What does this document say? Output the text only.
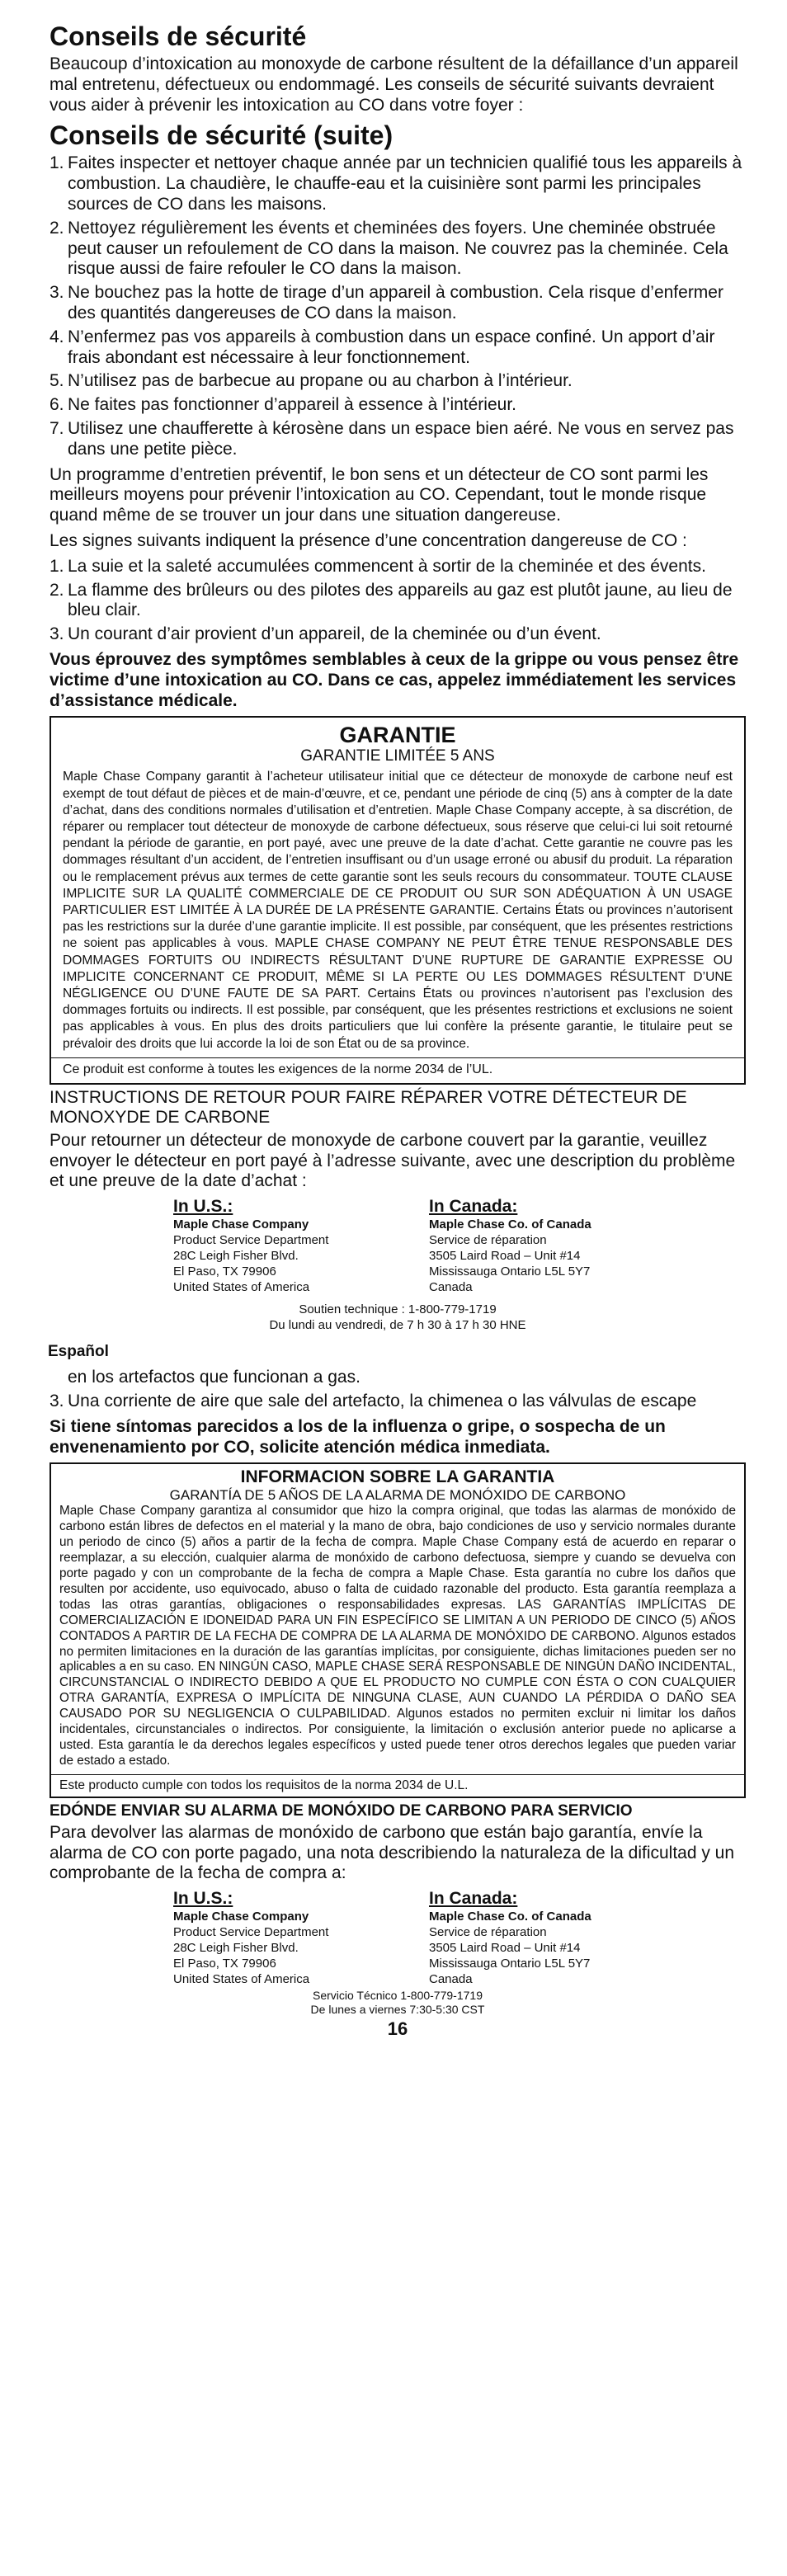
Conseils de sécurité

Beaucoup d’intoxication au monoxyde de carbone résultent de la défaillance d’un appareil mal entretenu, défectueux ou endommagé. Les conseils de sécurité suivants devraient vous aider à prévenir les intoxication au CO dans votre foyer :

Conseils de sécurité (suite)
1. Faites inspecter et nettoyer chaque année par un technicien qualifié tous les appareils à combustion. La chaudière, le chauffe-eau et la cuisinière sont parmi les principales sources de CO dans les maisons.
2. Nettoyez régulièrement les évents et cheminées des foyers. Une cheminée obstruée peut causer un refoulement de CO dans la maison. Ne couvrez pas la cheminée. Cela risque aussi de faire refouler le CO dans la maison.
3. Ne bouchez pas la hotte de tirage d’un appareil à combustion. Cela risque d’enfermer des quantités dangereuses de CO dans la maison.
4. N’enfermez pas vos appareils à combustion dans un espace confiné. Un apport d’air frais abondant est nécessaire à leur fonctionnement.
5. N’utilisez pas de barbecue au propane ou au charbon à l’intérieur.
6. Ne faites pas fonctionner d’appareil à essence à l’intérieur.
7. Utilisez une chaufferette à kérosène dans un espace bien aéré. Ne vous en servez pas dans une petite pièce.

Un programme d’entretien préventif, le bon sens et un détecteur de CO sont parmi les meilleurs moyens pour prévenir l’intoxication au CO. Cependant, tout le monde risque quand même de se trouver un jour dans une situation dangereuse.

Les signes suivants indiquent la présence d’une concentration dangereuse de CO :

1. La suie et la saleté accumulées commencent à sortir de la cheminée et des évents.
2. La flamme des brûleurs ou des pilotes des appareils au gaz est plutôt jaune, au lieu de bleu clair.
3. Un courant d’air provient d’un appareil, de la cheminée ou d’un évent.

Vous éprouvez des symptômes semblables à ceux de la grippe ou vous pensez être victime d’une intoxication au CO. Dans ce cas, appelez immédiatement les services d’assistance médicale.

GARANTIE

GARANTIE LIMITÉE 5 ANS

Maple Chase Company garantit à l’acheteur utilisateur initial que ce détecteur de monoxyde de carbone neuf est exempt de tout défaut de pièces et de main-d’œuvre, et ce, pendant une période de cinq (5) ans à compter de la date d’achat, dans des conditions normales d’utilisation et d’entretien. Maple Chase Company accepte, à sa discrétion, de réparer ou remplacer tout détecteur de monoxyde de carbone défectueux, sous réserve que celui-ci lui soit retourné pendant la période de garantie, en port payé, avec une preuve de la date d’achat. Cette garantie ne couvre pas les dommages résultant d’un accident, de l’entretien insuffisant ou d’un usage erroné ou abusif du produit. La réparation ou le remplacement prévus aux termes de cette garantie sont les seuls recours du consommateur. TOUTE CLAUSE IMPLICITE SUR LA QUALITÉ COMMERCIALE DE CE PRODUIT OU SUR SON ADÉQUATION À UN USAGE PARTICULIER EST LIMITÉE À LA DURÉE DE LA PRÉSENTE GARANTIE. Certains États ou provinces n’autorisent pas les restrictions sur la durée d’une garantie implicite. Il est possible, par conséquent, que les présentes restrictions ne soient pas applicables à vous. MAPLE CHASE COMPANY NE PEUT ÊTRE TENUE RESPONSABLE DES DOMMAGES FORTUITS OU INDIRECTS RÉSULTANT D’UNE RUPTURE DE GARANTIE EXPRESSE OU IMPLICITE CONCERNANT CE PRODUIT, MÊME SI LA PERTE OU LES DOMMAGES RÉSULTENT D’UNE NÉGLIGENCE OU D’UNE FAUTE DE SA PART. Certains États ou provinces n’autorisent pas l’exclusion des dommages fortuits ou indirects. Il est possible, par conséquent, que les présentes restrictions et exclusions ne soient pas applicables à vous. En plus des droits particuliers que lui confère la présente garantie, le titulaire peut se prévaloir des droits que lui accorde la loi de son État ou de sa province.

Ce produit est conforme à toutes les exigences de la norme 2034 de l’UL.

INSTRUCTIONS DE RETOUR POUR FAIRE RÉPARER VOTRE DÉTECTEUR DE MONOXYDE DE CARBONE

Pour retourner un détecteur de monoxyde de carbone couvert par la garantie, veuillez envoyer le détecteur en port payé à l’adresse suivante, avec une description du problème et une preuve de la date d’achat :

In U.S.:
Maple Chase Company
Product Service Department
28C Leigh Fisher Blvd.
El Paso, TX 79906
United States of America
In Canada:
Maple Chase Co. of Canada
Service de réparation
3505 Laird Road – Unit #14
Mississauga Ontario L5L 5Y7
Canada
Soutien technique : 1-800-779-1719
Du lundi au vendredi, de 7 h 30 à 17 h 30 HNE
Español

en los artefactos que funcionan a gas.

3. Una corriente de aire que sale del artefacto, la chimenea o las válvulas de escape

Si tiene síntomas parecidos a los de la influenza o gripe, o sospecha de un envenenamiento por CO, solicite atención médica inmediata.

INFORMACION SOBRE LA GARANTIA

GARANTÍA DE 5 AÑOS DE LA ALARMA DE MONÓXIDO DE CARBONO

Maple Chase Company garantiza al consumidor que hizo la compra original, que todas las alarmas de monóxido de carbono están libres de defectos en el material y la mano de obra, bajo condiciones de uso y servicio normales durante un periodo de cinco (5) años a partir de la fecha de compra. Maple Chase Company está de acuerdo en reparar o reemplazar, a su elección, cualquier alarma de monóxido de carbono defectuosa, siempre y cuando se devuelva con porte pagado y con un comprobante de la fecha de compra a Maple Chase. Esta garantía no cubre los daños que resulten por accidente, uso equivocado, abuso o falta de cuidado razonable del producto. Esta garantía reemplaza a todas las otras garantías, obligaciones o responsabilidades expresas. LAS GARANTÍAS IMPLÍCITAS DE COMERCIALIZACIÓN E IDONEIDAD PARA UN FIN ESPECÍFICO SE LIMITAN A UN PERIODO DE CINCO (5) AÑOS CONTADOS A PARTIR DE LA FECHA DE COMPRA DE LA ALARMA DE MONÓXIDO DE CARBONO. Algunos estados no permiten limitaciones en la duración de las garantías implícitas, por consiguiente, dichas limitaciones pueden ser no aplicables a en su caso. EN NINGÚN CASO, MAPLE CHASE SERÁ RESPONSABLE DE NINGÚN DAÑO INCIDENTAL, CIRCUNSTANCIAL O INDIRECTO DEBIDO A QUE EL PRODUCTO NO CUMPLE CON ÉSTA O CON CUALQUIER OTRA GARANTÍA, EXPRESA O IMPLÍCITA DE NINGUNA CLASE, AUN CUANDO LA PÉRDIDA O DAÑO SEA CAUSADO POR SU NEGLIGENCIA O CULPABILIDAD. Algunos estados no permiten excluir ni limitar los daños incidentales, circunstanciales o indirectos. Por consiguiente, la limitación o exclusión anterior puede no aplicarse a usted. Esta garantía le da derechos legales específicos y usted puede tener otros derechos legales que pueden variar de estado a estado.

Este producto cumple con todos los requisitos de la norma 2034 de U.L.

EDÓNDE ENVIAR SU ALARMA DE MONÓXIDO DE CARBONO PARA SERVICIO

Para devolver las alarmas de monóxido de carbono que están bajo garantía, envíe la alarma de CO con porte pagado, una nota describiendo la naturaleza de la dificultad y un comprobante de la fecha de compra a:

In U.S.:
Maple Chase Company
Product Service Department
28C Leigh Fisher Blvd.
El Paso, TX 79906
United States of America
In Canada:
Maple Chase Co. of Canada
Service de réparation
3505 Laird Road – Unit #14
Mississauga Ontario L5L 5Y7
Canada
Servicio Técnico 1-800-779-1719
De lunes a viernes 7:30-5:30 CST
16
